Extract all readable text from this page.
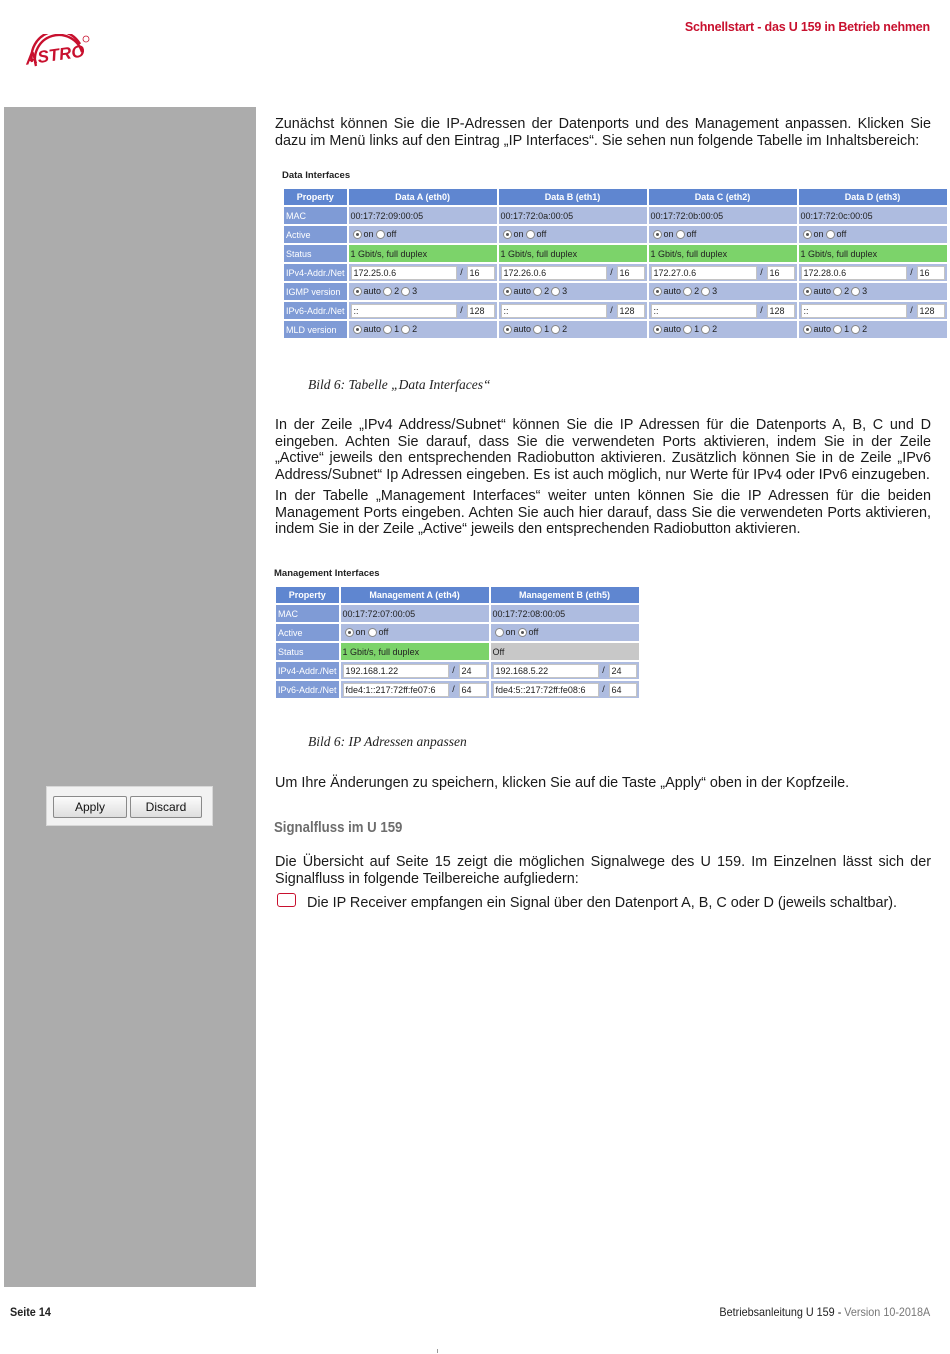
ASTRO
Schnellstart - das U 159 in Betrieb nehmen
Zunächst können Sie die IP-Adressen der Datenports und des Management anpassen. Klicken Sie dazu im Menü links auf den Eintrag „IP Interfaces“. Sie sehen nun folgende Tabelle im Inhaltsbereich:
Data Interfaces
Property	Data A (eth0)	Data B (eth1)	Data C (eth2)	Data D (eth3)
MAC	00:17:72:09:00:05	00:17:72:0a:00:05	00:17:72:0b:00:05	00:17:72:0c:00:05
Active	on off	on off	on off	on off
Status	1 Gbit/s, full duplex	1 Gbit/s, full duplex	1 Gbit/s, full duplex	1 Gbit/s, full duplex
IPv4-Addr./Net	172.25.0.6 / 16	172.26.0.6 / 16	172.27.0.6 / 16	172.28.0.6 / 16
IGMP version	auto 2 3	auto 2 3	auto 2 3	auto 2 3
IPv6-Addr./Net	:: / 128	:: / 128	:: / 128	:: / 128
MLD version	auto 1 2	auto 1 2	auto 1 2	auto 1 2
Bild 6: Tabelle „Data Interfaces“
In der Zeile „IPv4 Address/Subnet“ können Sie die IP Adressen für die Datenports A, B, C und D eingeben. Achten Sie darauf, dass Sie die verwendeten Ports aktivieren, indem Sie in der Zeile „Active“ jeweils den entsprechenden Radiobutton aktivieren. Zusätzlich können Sie in de Zeile „IPv6 Address/Subnet“ Ip Adressen eingeben. Es ist auch möglich, nur Werte für IPv4 oder IPv6 einzugeben.
In der Tabelle „Management Interfaces“ weiter unten können Sie die IP Adressen für die beiden Management Ports eingeben. Achten Sie auch hier darauf, dass Sie die verwendeten Ports aktivieren, indem Sie in der Zeile „Active“ jeweils den entsprechenden Radiobutton aktivieren.
Management Interfaces
Property	Management A (eth4)	Management B (eth5)
MAC	00:17:72:07:00:05	00:17:72:08:00:05
Active	on off	on off
Status	1 Gbit/s, full duplex	Off
IPv4-Addr./Net	192.168.1.22 / 24	192.168.5.22 / 24
IPv6-Addr./Net	fde4:1::217:72ff:fe07:6 / 64	fde4:5::217:72ff:fe08:6 / 64
Bild 6: IP Adressen anpassen
Apply	Discard
Um Ihre Änderungen zu speichern, klicken Sie auf die Taste „Apply“ oben in der Kopfzeile.
Signalfluss im U 159
Die Übersicht auf Seite 15 zeigt die möglichen Signalwege des U 159. Im Einzelnen lässt sich der Signalfluss in folgende Teilbereiche aufgliedern:
Die IP Receiver empfangen ein Signal über den Datenport A, B, C oder D (jeweils schaltbar).
Seite 14	Betriebsanleitung U 159 - Version 10-2018A
